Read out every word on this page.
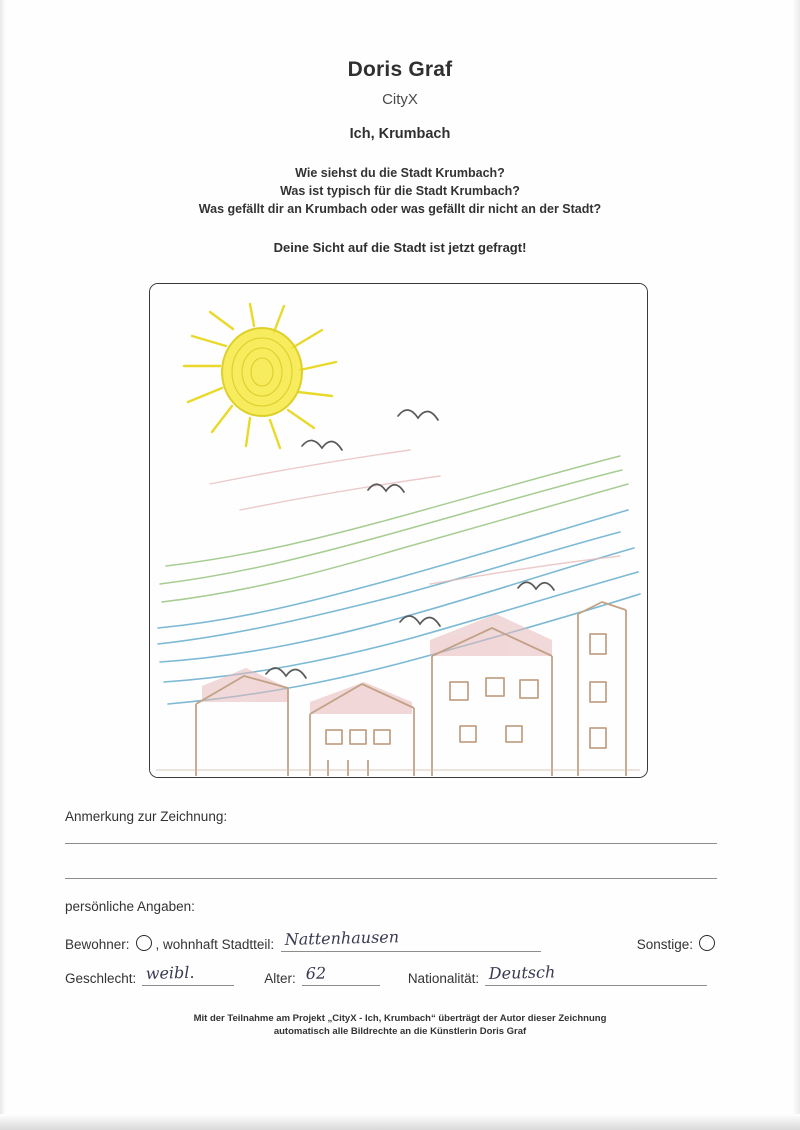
Doris Graf
CityX
Ich, Krumbach
Wie siehst du die Stadt Krumbach?
Was ist typisch für die Stadt Krumbach?
Was gefällt dir an Krumbach oder was gefällt dir nicht an der Stadt?
Deine Sicht auf die Stadt ist jetzt gefragt!
Anmerkung zur Zeichnung:
persönliche Angaben:
Bewohner: , wohnhaft Stadtteil: Nattenhausen	Sonstige:
Geschlecht: weibl.	Alter: 62	Nationalität: Deutsch
Mit der Teilnahme am Projekt „CityX - Ich, Krumbach“ überträgt der Autor dieser Zeichnung
automatisch alle Bildrechte an die Künstlerin Doris Graf
